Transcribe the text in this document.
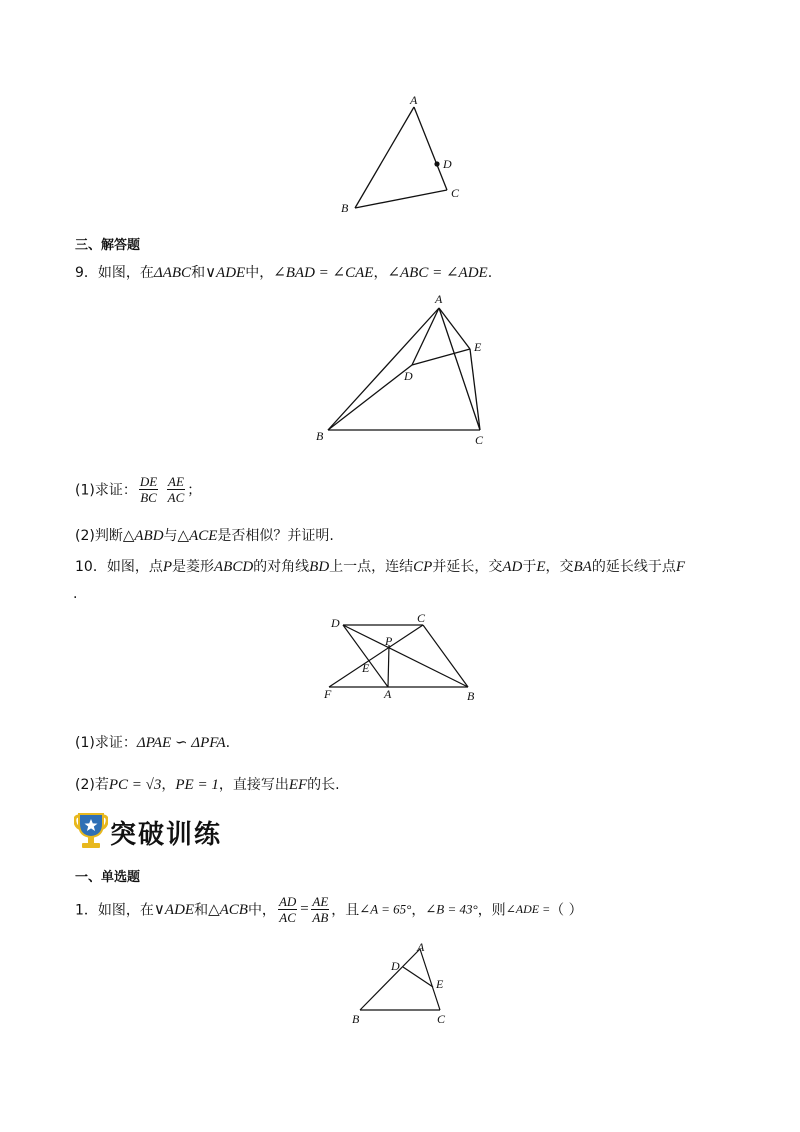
A
B
C
D
三、解答题
9．如图，在ΔABC和∨ADE中，∠BAD = ∠CAE，∠ABC = ∠ADE.
A
B	C
D
E
(1)求证： $\frac{DE}{BC}$
$\frac{AE}{AC}$ ；
(2)判断△ABD与△ACE是否相似？并证明.
10．如图，点P是菱形ABCD的对角线BD上一点，连结CP并延长，交AD于E，交BA的延长线于点F
.
D	C
P
E
F	A	B
(1)求证：ΔPAE ∽ ΔPFA.
(2)若PC = √3，PE = 1，直接写出EF的长.
突破训练
一、单选题
1．如图，在∨ADE和△ACB中， $\frac{AD}{AC} = \frac{AE}{AB}$ ，且∠A = 65°，∠B = 43°，则∠ADE =（ ）
A
D
E
B	C
